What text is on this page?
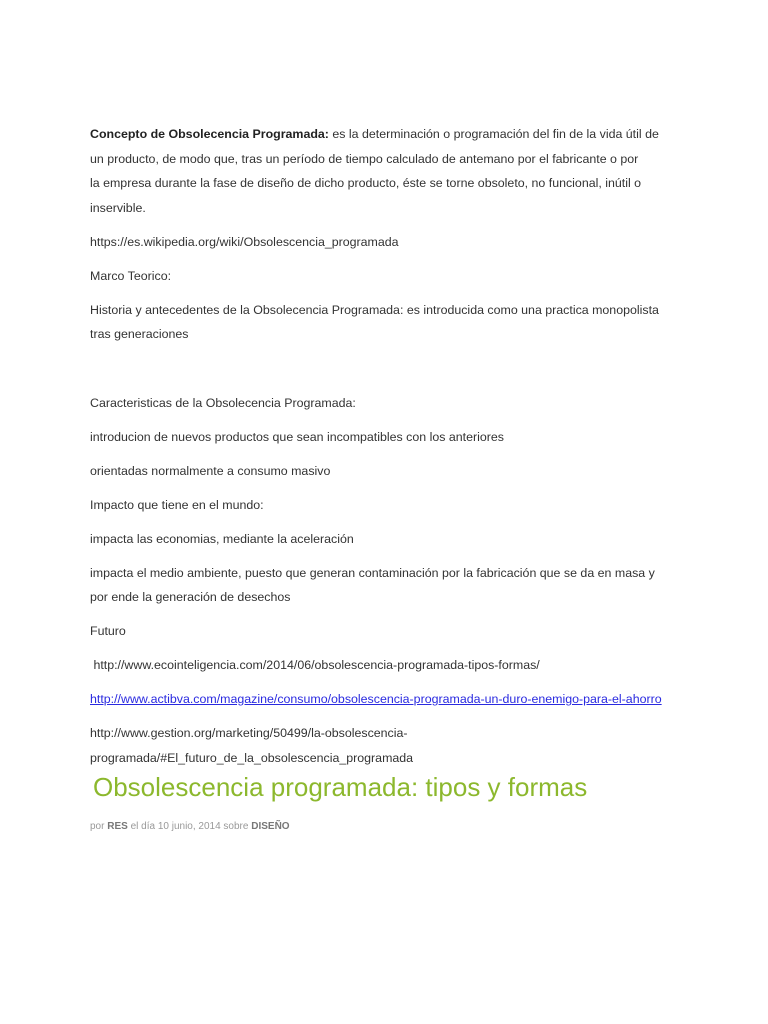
Concepto de Obsolecencia Programada: es la determinación o programación del fin de la vida útil de

un producto, de modo que, tras un período de tiempo calculado de antemano por el fabricante o por

la empresa durante la fase de diseño de dicho producto, éste se torne obsoleto, no funcional, inútil o

inservible.

https://es.wikipedia.org/wiki/Obsolescencia_programada

Marco Teorico:

Historia y antecedentes de la Obsolecencia Programada: es introducida como una practica monopolista

tras generaciones

Caracteristicas de la Obsolecencia Programada:

introducion de nuevos productos que sean incompatibles con los anteriores

orientadas normalmente a consumo masivo

Impacto que tiene en el mundo:

impacta las economias, mediante la aceleración

impacta el medio ambiente, puesto que generan contaminación por la fabricación que se da en masa y

por ende la generación de desechos

Futuro

http://www.ecointeligencia.com/2014/06/obsolescencia-programada-tipos-formas/

http://www.actibva.com/magazine/consumo/obsolescencia-programada-un-duro-enemigo-para-el-ahorro

http://www.gestion.org/marketing/50499/la-obsolescencia-

programada/#El_futuro_de_la_obsolescencia_programada

Obsolescencia programada: tipos y formas
por RES el día 10 junio, 2014 sobre DISEÑO
